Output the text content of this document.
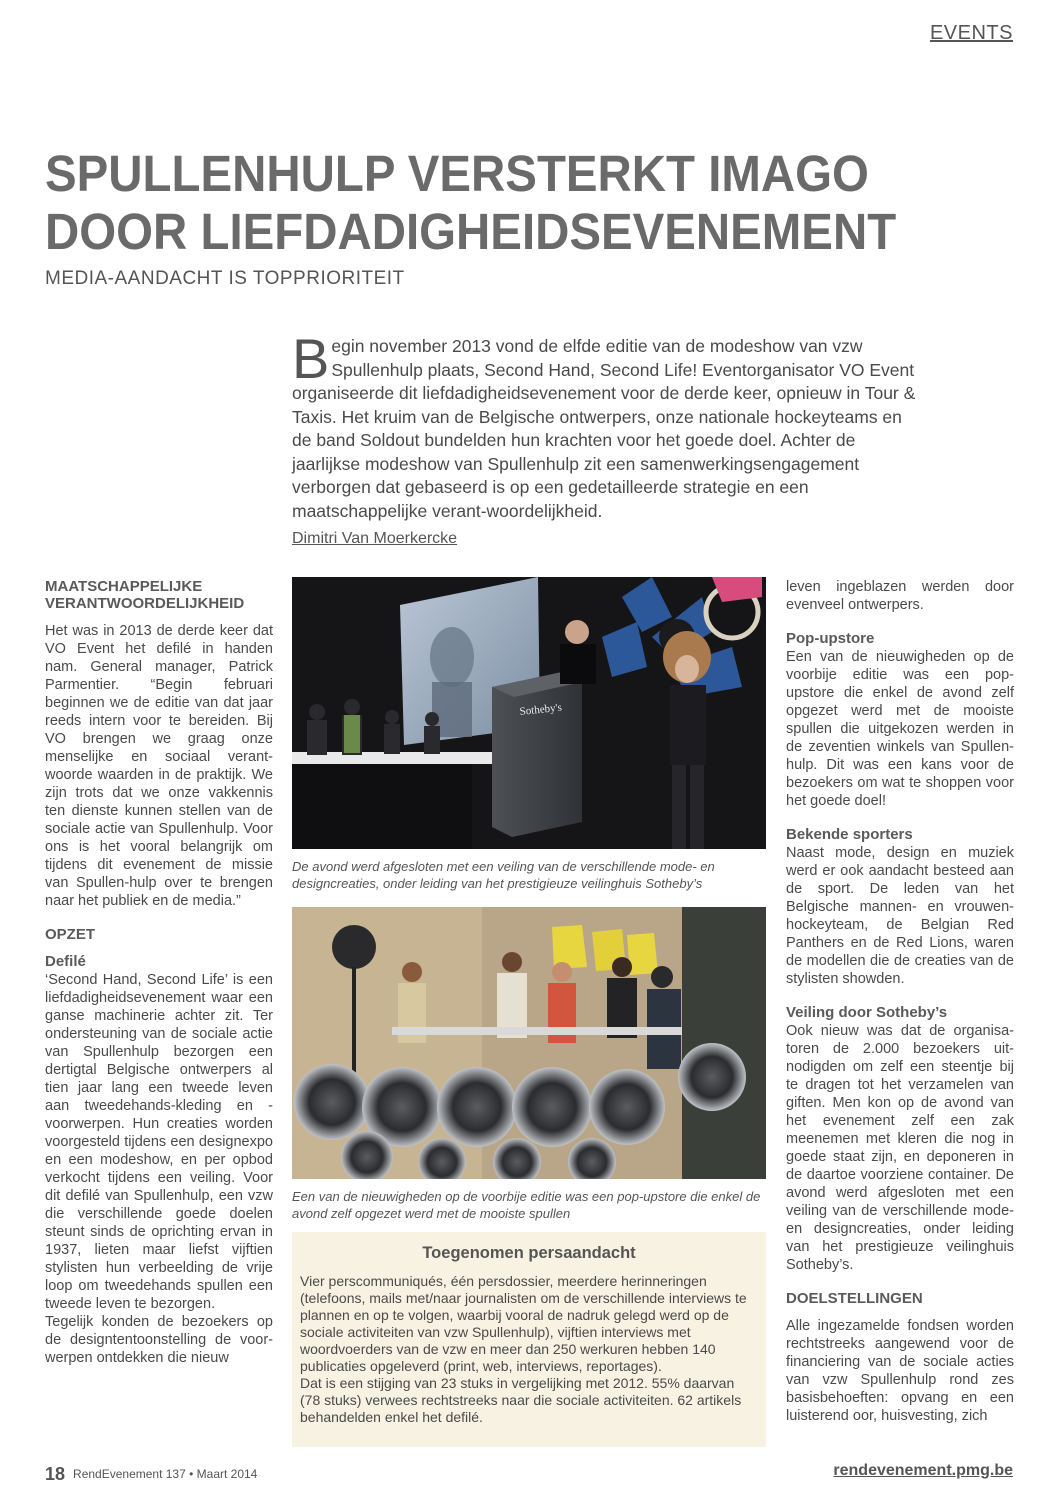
EVENTS
SPULLENHULP VERSTERKT IMAGO
DOOR LIEFDADIGHEIDSEVENEMENT
MEDIA-AANDACHT IS TOPPRIORITEIT
Begin november 2013 vond de elfde editie van de modeshow van vzw Spullenhulp plaats, Second Hand, Second Life! Eventorganisator VO Event organiseerde dit liefdadigheidsevenement voor de derde keer, opnieuw in Tour & Taxis. Het kruim van de Belgische ontwerpers, onze nationale hockeyteams en de band Soldout bundelden hun krachten voor het goede doel. Achter de jaarlijkse modeshow van Spullenhulp zit een samenwerkingsengagement verborgen dat gebaseerd is op een gedetailleerde strategie en een maatschappelijke verant-woordelijkheid.
Dimitri Van Moerkercke
MAATSCHAPPELIJKE VERANTWOORDELIJKHEID

Het was in 2013 de derde keer dat VO Event het defilé in handen nam. General manager, Patrick Parmentier. “Begin februari beginnen we de editie van dat jaar reeds intern voor te bereiden. Bij VO brengen we graag onze menselijke en sociaal verant-woorde waarden in de praktijk. We zijn trots dat we onze vakkennis ten dienste kunnen stellen van de sociale actie van Spullenhulp. Voor ons is het vooral belangrijk om tijdens dit evenement de missie van Spullen-hulp over te brengen naar het publiek en de media.”

OPZET
Defilé

‘Second Hand, Second Life’ is een liefdadigheidsevenement waar een ganse machinerie achter zit. Ter ondersteuning van de sociale actie van Spullenhulp bezorgen een dertigtal Belgische ontwerpers al tien jaar lang een tweede leven aan tweedehands-kleding en -voorwerpen. Hun creaties worden voorgesteld tijdens een designexpo en een modeshow, en per opbod verkocht tijdens een veiling. Voor dit defilé van Spullenhulp, een vzw die verschillende goede doelen steunt sinds de oprichting ervan in 1937, lieten maar liefst vijftien stylisten hun verbeelding de vrije loop om tweedehands spullen een tweede leven te bezorgen.

Tegelijk konden de bezoekers op de designtentoonstelling de voor-werpen ontdekken die nieuw

Sotheby's
De avond werd afgesloten met een veiling van de verschillende mode- en designcreaties, onder leiding van het prestigieuze veilinghuis Sotheby’s
Een van de nieuwigheden op de voorbije editie was een pop-upstore die enkel de avond zelf opgezet werd met de mooiste spullen
Toegenomen persaandacht

Vier perscommuniqués, één persdossier, meerdere herinneringen (telefoons, mails met/naar journalisten om de verschillende interviews te plannen en op te volgen, waarbij vooral de nadruk gelegd werd op de sociale activiteiten van vzw Spullenhulp), vijftien interviews met woordvoerders van de vzw en meer dan 250 werkuren hebben 140 publicaties opgeleverd (print, web, interviews, reportages).

Dat is een stijging van 23 stuks in vergelijking met 2012. 55% daarvan (78 stuks) verwees rechtstreeks naar die sociale activiteiten. 62 artikels behandelden enkel het defilé.

leven ingeblazen werden door evenveel ontwerpers.

Pop-upstore

Een van de nieuwigheden op de voorbije editie was een pop-upstore die enkel de avond zelf opgezet werd met de mooiste spullen die uitgekozen werden in de zeventien winkels van Spullen-hulp. Dit was een kans voor de bezoekers om wat te shoppen voor het goede doel!

Bekende sporters

Naast mode, design en muziek werd er ook aandacht besteed aan de sport. De leden van het Belgische mannen- en vrouwen-hockeyteam, de Belgian Red Panthers en de Red Lions, waren de modellen die de creaties van de stylisten showden.

Veiling door Sotheby’s

Ook nieuw was dat de organisa-toren de 2.000 bezoekers uit-nodigden om zelf een steentje bij te dragen tot het verzamelen van giften. Men kon op de avond van het evenement zelf een zak meenemen met kleren die nog in goede staat zijn, en deponeren in de daartoe voorziene container. De avond werd afgesloten met een veiling van de verschillende mode- en designcreaties, onder leiding van het prestigieuze veilinghuis Sotheby’s.

DOELSTELLINGEN

Alle ingezamelde fondsen worden rechtstreeks aangewend voor de financiering van de sociale acties van vzw Spullenhulp rond zes basisbehoeften: opvang en een luisterend oor, huisvesting, zich

18 RendEvenement 137 • Maart 2014	rendevenement.pmg.be
